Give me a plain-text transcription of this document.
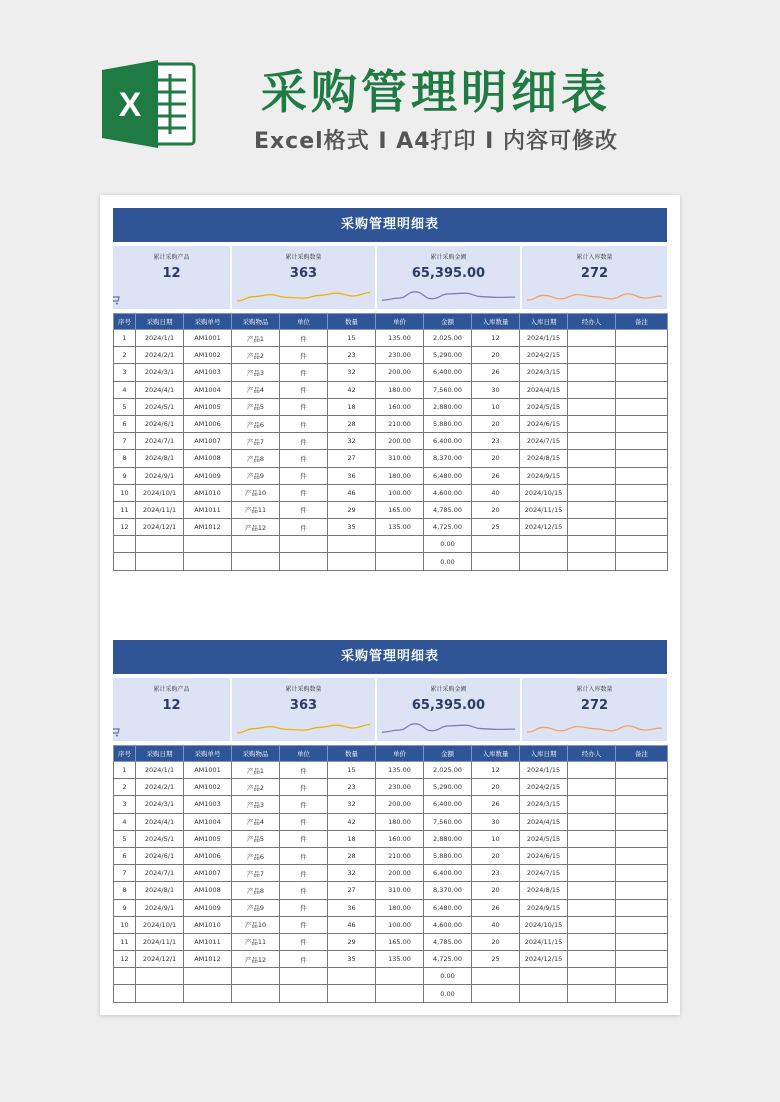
X	采购管理明细表
Excel格式 I A4打印 I 内容可修改
采购管理明细表
累计采购产品
12
累计采购数量
363
累计采购金额
65,395.00
累计入库数量
272
序号	采购日期	采购单号	采购物品	单位	数量	单价	金额	入库数量	入库日期	经办人	备注
1	2024/1/1	AM1001	产品1	件	15	135.00	2,025.00	12	2024/1/15		
2	2024/2/1	AM1002	产品2	件	23	230.00	5,290.00	20	2024/2/15		
3	2024/3/1	AM1003	产品3	件	32	200.00	6,400.00	26	2024/3/15		
4	2024/4/1	AM1004	产品4	件	42	180.00	7,560.00	30	2024/4/15		
5	2024/5/1	AM1005	产品5	件	18	160.00	2,880.00	10	2024/5/15		
6	2024/6/1	AM1006	产品6	件	28	210.00	5,880.00	20	2024/6/15		
7	2024/7/1	AM1007	产品7	件	32	200.00	6,400.00	23	2024/7/15		
8	2024/8/1	AM1008	产品8	件	27	310.00	8,370.00	20	2024/8/15		
9	2024/9/1	AM1009	产品9	件	36	180.00	6,480.00	26	2024/9/15		
10	2024/10/1	AM1010	产品10	件	46	100.00	4,600.00	40	2024/10/15		
11	2024/11/1	AM1011	产品11	件	29	165.00	4,785.00	20	2024/11/15		
12	2024/12/1	AM1012	产品12	件	35	135.00	4,725.00	25	2024/12/15		
							0.00				
							0.00				
采购管理明细表
累计采购产品
12
累计采购数量
363
累计采购金额
65,395.00
累计入库数量
272
序号	采购日期	采购单号	采购物品	单位	数量	单价	金额	入库数量	入库日期	经办人	备注
1	2024/1/1	AM1001	产品1	件	15	135.00	2,025.00	12	2024/1/15		
2	2024/2/1	AM1002	产品2	件	23	230.00	5,290.00	20	2024/2/15		
3	2024/3/1	AM1003	产品3	件	32	200.00	6,400.00	26	2024/3/15		
4	2024/4/1	AM1004	产品4	件	42	180.00	7,560.00	30	2024/4/15		
5	2024/5/1	AM1005	产品5	件	18	160.00	2,880.00	10	2024/5/15		
6	2024/6/1	AM1006	产品6	件	28	210.00	5,880.00	20	2024/6/15		
7	2024/7/1	AM1007	产品7	件	32	200.00	6,400.00	23	2024/7/15		
8	2024/8/1	AM1008	产品8	件	27	310.00	8,370.00	20	2024/8/15		
9	2024/9/1	AM1009	产品9	件	36	180.00	6,480.00	26	2024/9/15		
10	2024/10/1	AM1010	产品10	件	46	100.00	4,600.00	40	2024/10/15		
11	2024/11/1	AM1011	产品11	件	29	165.00	4,785.00	20	2024/11/15		
12	2024/12/1	AM1012	产品12	件	35	135.00	4,725.00	25	2024/12/15		
							0.00				
							0.00				
